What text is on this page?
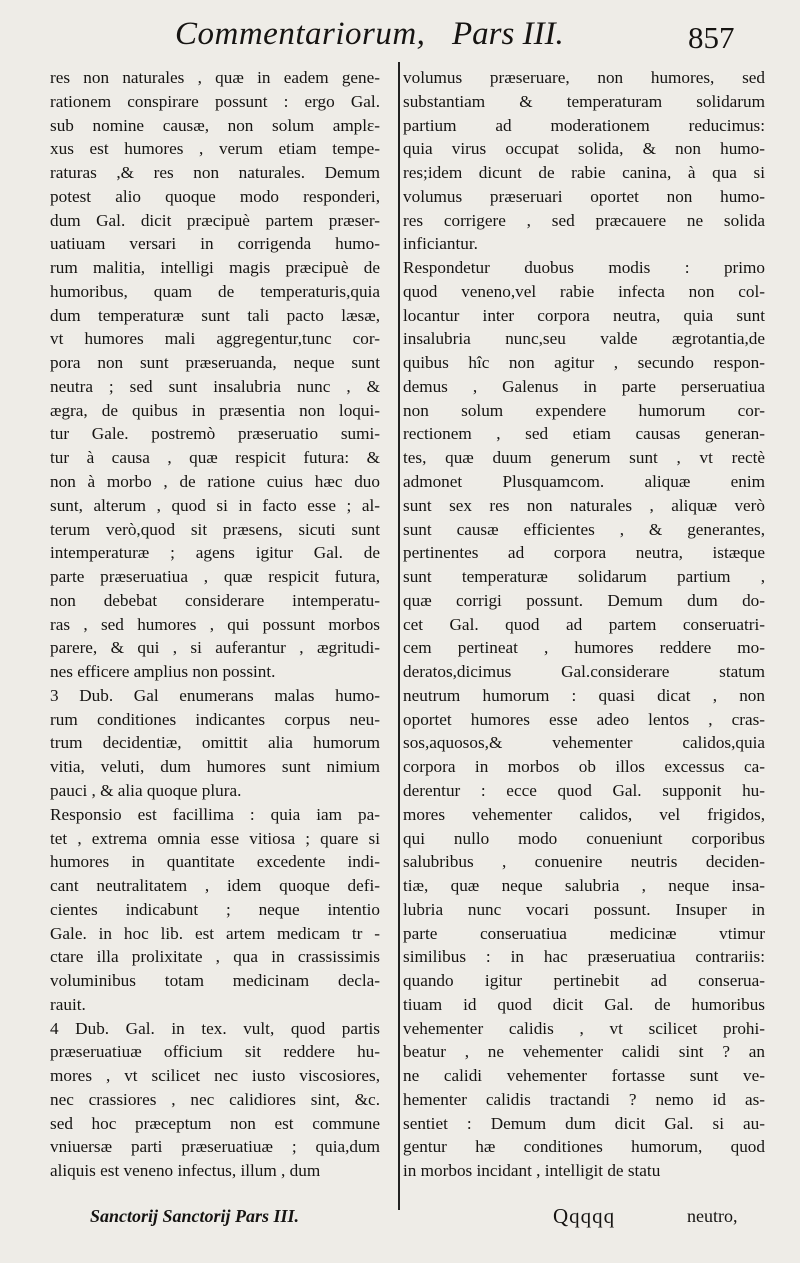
Commentariorum, Pars III.	857
res non naturales , quæ in eadem gene-
rationem conspirare possunt : ergo Gal.
sub nomine causæ, non solum amplε-
xus est humores , verum etiam tempe-
raturas ,& res non naturales. Demum
potest alio quoque modo responderi,
dum Gal. dicit præcipuè partem præser-
uatiuam versari in corrigenda humo-
rum malitia, intelligi magis præcipuè de
humoribus, quam de temperaturis,quia
dum temperaturæ sunt tali pacto læsæ,
vt humores mali aggregentur,tunc cor-
pora non sunt præseruanda, neque sunt
neutra ; sed sunt insalubria nunc , &
ægra, de quibus in præsentia non loqui-
tur Gale. postremò præseruatio sumi-
tur à causa , quæ respicit futura: &
non à morbo , de ratione cuius hæc duo
sunt, alterum , quod si in facto esse ; al-
terum verò,quod sit præsens, sicuti sunt
intemperaturæ ; agens igitur Gal. de
parte præseruatiua , quæ respicit futura,
non debebat considerare intemperatu-
ras , sed humores , qui possunt morbos
parere, & qui , si auferantur , ægritudi-
nes efficere amplius non possint.
3 Dub. Gal enumerans malas humo-
rum conditiones indicantes corpus neu-
trum decidentiæ, omittit alia humorum
vitia, veluti, dum humores sunt nimium
pauci , & alia quoque plura.
Responsio est facillima : quia iam pa-
tet , extrema omnia esse vitiosa ; quare si
humores in quantitate excedente indi-
cant neutralitatem , idem quoque defi-
cientes indicabunt ; neque intentio
Gale. in hoc lib. est artem medicam tr -
ctare illa prolixitate , qua in crassissimis
voluminibus totam medicinam decla-
rauit.
4 Dub. Gal. in tex. vult, quod partis
præseruatiuæ officium sit reddere hu-
mores , vt scilicet nec iusto viscosiores,
nec crassiores , nec calidiores sint, &c.
sed hoc præceptum non est commune
vniuersæ parti præseruatiuæ ; quia,dum
aliquis est veneno infectus, illum , dum
volumus præseruare, non humores, sed
substantiam & temperaturam solidarum
partium ad moderationem reducimus:
quia virus occupat solida, & non humo-
res;idem dicunt de rabie canina, à qua si
volumus præseruari oportet non humo-
res corrigere , sed præcauere ne solida
inficiantur.
Respondetur duobus modis : primo
quod veneno,vel rabie infecta non col-
locantur inter corpora neutra, quia sunt
insalubria nunc,seu valde ægrotantia,de
quibus hîc non agitur , secundo respon-
demus , Galenus in parte perseruatiua
non solum expendere humorum cor-
rectionem , sed etiam causas generan-
tes, quæ duum generum sunt , vt rectè
admonet Plusquamcom. aliquæ enim
sunt sex res non naturales , aliquæ verò
sunt causæ efficientes , & generantes,
pertinentes ad corpora neutra, istæque
sunt temperaturæ solidarum partium ,
quæ corrigi possunt. Demum dum do-
cet Gal. quod ad partem conseruatri-
cem pertineat , humores reddere mo-
deratos,dicimus Gal.considerare statum
neutrum humorum : quasi dicat , non
oportet humores esse adeo lentos , cras-
sos,aquosos,& vehementer calidos,quia
corpora in morbos ob illos excessus ca-
derentur : ecce quod Gal. supponit hu-
mores vehementer calidos, vel frigidos,
qui nullo modo conueniunt corporibus
salubribus , conuenire neutris deciden-
tiæ, quæ neque salubria , neque insa-
lubria nunc vocari possunt. Insuper in
parte conseruatiua medicinæ vtimur
similibus : in hac præseruatiua contrariis:
quando igitur pertinebit ad conserua-
tiuam id quod dicit Gal. de humoribus
vehementer calidis , vt scilicet prohi-
beatur , ne vehementer calidi sint ? an
ne calidi vehementer fortasse sunt ve-
hementer calidis tractandi ? nemo id as-
sentiet : Demum dum dicit Gal. si au-
gentur hæ conditiones humorum, quod
in morbos incidant , intelligit de statu
Sanctorij Sanctorij Pars III.	Qqqqq	neutro,
